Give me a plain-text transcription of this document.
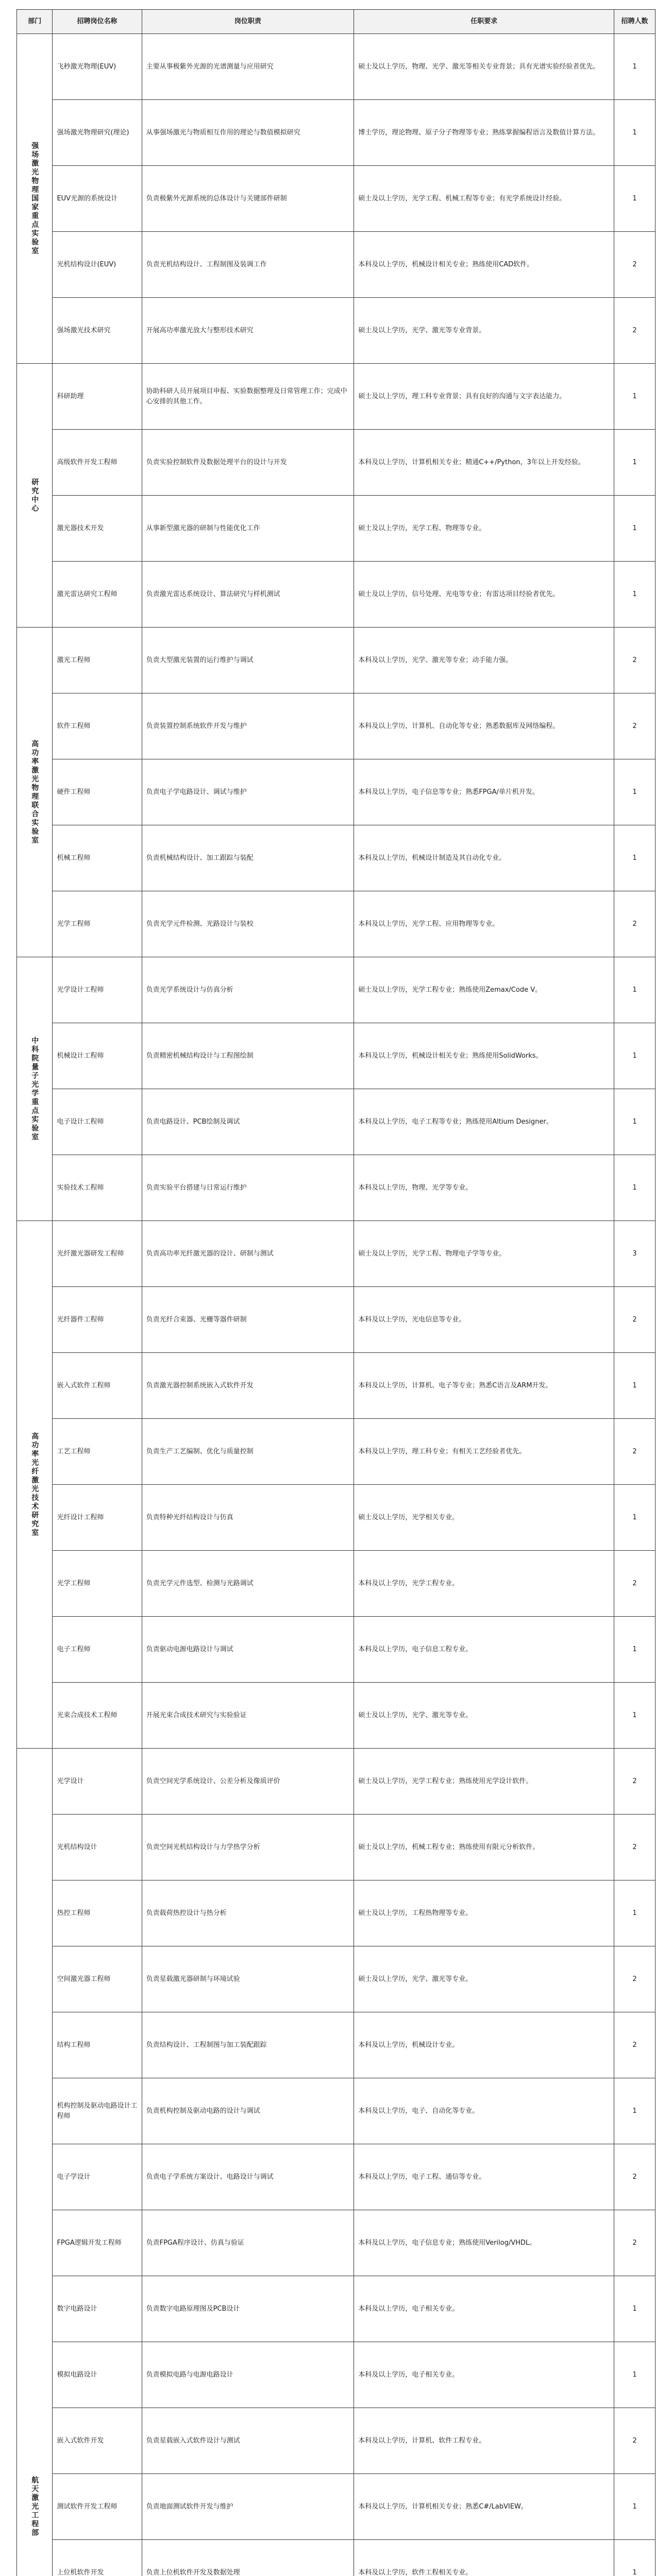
部门	招聘岗位名称	岗位职责	任职要求	招聘人数
强场激光物理国家重点实验室	飞秒激光物理(EUV)	主要从事极紫外光源的光谱测量与应用研究	硕士及以上学历，物理、光学、激光等相关专业背景；具有光谱实验经验者优先。	1
	强场激光物理研究(理论)	从事强场激光与物质相互作用的理论与数值模拟研究	博士学历，理论物理、原子分子物理等专业；熟练掌握编程语言及数值计算方法。	1
	EUV光源的系统设计	负责极紫外光源系统的总体设计与关键部件研制	硕士及以上学历，光学工程、机械工程等专业；有光学系统设计经验。	1
	光机结构设计(EUV)	负责光机结构设计、工程制图及装调工作	本科及以上学历，机械设计相关专业；熟练使用CAD软件。	2
	强场激光技术研究	开展高功率激光放大与整形技术研究	硕士及以上学历，光学、激光等专业背景。	2
研究中心	科研助理	协助科研人员开展项目申报、实验数据整理及日常管理工作；完成中心安排的其他工作。	硕士及以上学历，理工科专业背景；具有良好的沟通与文字表达能力。	1
	高级软件开发工程师	负责实验控制软件及数据处理平台的设计与开发	本科及以上学历，计算机相关专业；精通C++/Python，3年以上开发经验。	1
	激光器技术开发	从事新型激光器的研制与性能优化工作	硕士及以上学历，光学工程、物理等专业。	1
	激光雷达研究工程师	负责激光雷达系统设计、算法研究与样机测试	硕士及以上学历，信号处理、光电等专业；有雷达项目经验者优先。	1
高功率激光物理联合实验室	激光工程师	负责大型激光装置的运行维护与调试	本科及以上学历，光学、激光等专业；动手能力强。	2
	软件工程师	负责装置控制系统软件开发与维护	本科及以上学历，计算机、自动化等专业；熟悉数据库及网络编程。	2
	硬件工程师	负责电子学电路设计、调试与维护	本科及以上学历，电子信息等专业；熟悉FPGA/单片机开发。	1
	机械工程师	负责机械结构设计、加工跟踪与装配	本科及以上学历，机械设计制造及其自动化专业。	1
	光学工程师	负责光学元件检测、光路设计与装校	本科及以上学历，光学工程、应用物理等专业。	2
中科院量子光学重点实验室	光学设计工程师	负责光学系统设计与仿真分析	硕士及以上学历，光学工程专业；熟练使用Zemax/Code V。	1
	机械设计工程师	负责精密机械结构设计与工程图绘制	本科及以上学历，机械设计相关专业；熟练使用SolidWorks。	1
	电子设计工程师	负责电路设计、PCB绘制及调试	本科及以上学历，电子工程等专业；熟练使用Altium Designer。	1
	实验技术工程师	负责实验平台搭建与日常运行维护	本科及以上学历，物理、光学等专业。	1
高功率光纤激光技术研究室	光纤激光器研发工程师	负责高功率光纤激光器的设计、研制与测试	硕士及以上学历，光学工程、物理电子学等专业。	3
	光纤器件工程师	负责光纤合束器、光栅等器件研制	本科及以上学历，光电信息等专业。	2
	嵌入式软件工程师	负责激光器控制系统嵌入式软件开发	本科及以上学历，计算机、电子等专业；熟悉C语言及ARM开发。	1
	工艺工程师	负责生产工艺编制、优化与质量控制	本科及以上学历，理工科专业；有相关工艺经验者优先。	2
	光纤设计工程师	负责特种光纤结构设计与仿真	硕士及以上学历，光学相关专业。	1
	光学工程师	负责光学元件选型、检测与光路调试	本科及以上学历，光学工程专业。	2
	电子工程师	负责驱动电源电路设计与调试	本科及以上学历，电子信息工程专业。	1
	光束合成技术工程师	开展光束合成技术研究与实验验证	硕士及以上学历，光学、激光等专业。	1
航天激光工程部	光学设计	负责空间光学系统设计、公差分析及像质评价	硕士及以上学历，光学工程专业；熟练使用光学设计软件。	2
	光机结构设计	负责空间光机结构设计与力学热学分析	硕士及以上学历，机械工程专业；熟练使用有限元分析软件。	2
	热控工程师	负责载荷热控设计与热分析	硕士及以上学历，工程热物理等专业。	1
	空间激光器工程师	负责星载激光器研制与环境试验	硕士及以上学历，光学、激光等专业。	2
	结构工程师	负责结构设计、工程制图与加工装配跟踪	本科及以上学历，机械设计专业。	2
	机构控制及驱动电路设计工程师	负责机构控制及驱动电路的设计与调试	本科及以上学历，电子、自动化等专业。	1
	电子学设计	负责电子学系统方案设计、电路设计与调试	本科及以上学历，电子工程、通信等专业。	2
	FPGA逻辑开发工程师	负责FPGA程序设计、仿真与验证	本科及以上学历，电子信息专业；熟练使用Verilog/VHDL。	2
	数字电路设计	负责数字电路原理图及PCB设计	本科及以上学历，电子相关专业。	1
	模拟电路设计	负责模拟电路与电源电路设计	本科及以上学历，电子相关专业。	1
	嵌入式软件开发	负责星载嵌入式软件设计与测试	本科及以上学历，计算机、软件工程专业。	2
	测试软件开发工程师	负责地面测试软件开发与维护	本科及以上学历，计算机相关专业；熟悉C#/LabVIEW。	1
	上位机软件开发	负责上位机软件开发及数据处理	本科及以上学历，软件工程相关专业。	1
